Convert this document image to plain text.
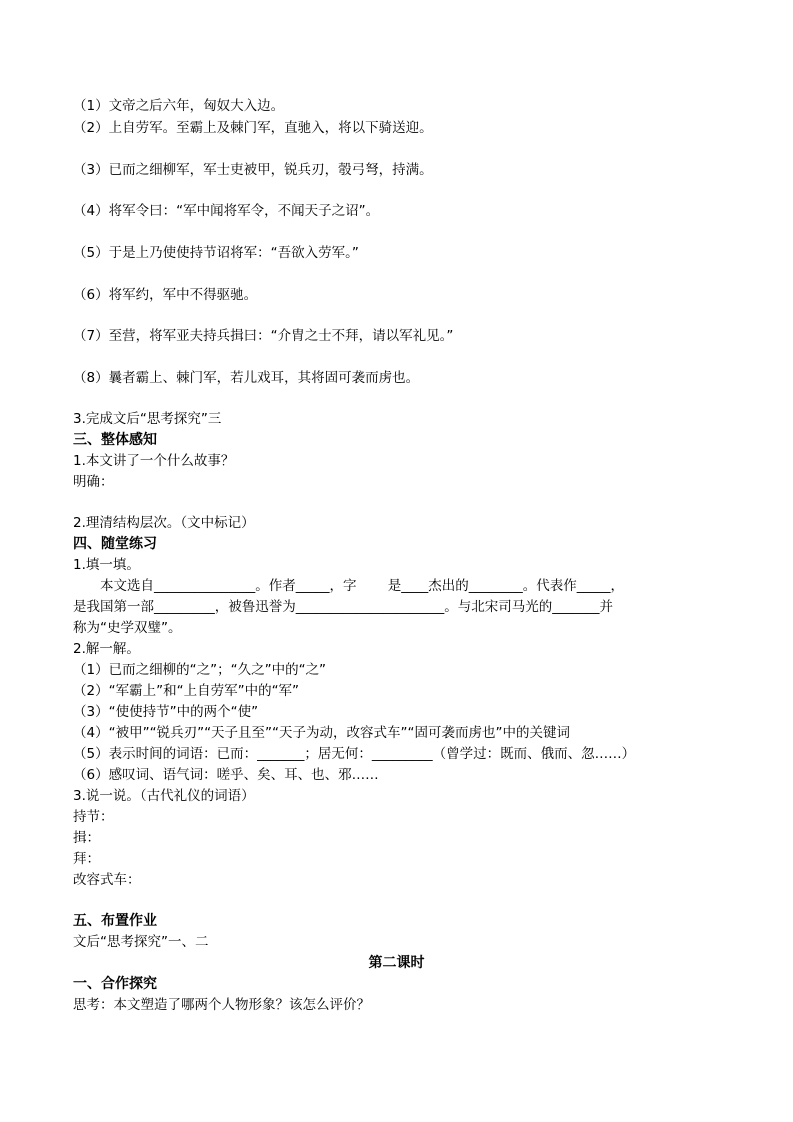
（1）文帝之后六年，匈奴大入边。

（2）上自劳军。至霸上及棘门军，直驰入，将以下骑送迎。

（3）已而之细柳军，军士吏被甲，锐兵刃，彀弓弩，持满。

（4）将军令曰：“军中闻将军令，不闻天子之诏”。

（5）于是上乃使使持节诏将军：“吾欲入劳军。”

（6）将军约，军中不得驱驰。

（7）至营，将军亚夫持兵揖曰：“介胄之士不拜，请以军礼见。”

（8）曩者霸上、棘门军，若儿戏耳，其将固可袭而虏也。

3.完成文后“思考探究”三

三、整体感知

1.本文讲了一个什么故事？

明确：

2.理清结构层次。（文中标记）

四、随堂练习

1.填一填。

本文选自_______________。作者_____，字 　　是____杰出的________。代表作_____，

是我国第一部_________，被鲁迅誉为______________________。与北宋司马光的_______并

称为“史学双璧”。

2.解一解。

（1）已而之细柳的“之”；“久之”中的“之”

（2）“军霸上”和“上自劳军”中的“军”

（3）“使使持节”中的两个“使”

（4）“被甲”“锐兵刃”“天子且至”“天子为动，改容式车”“固可袭而虏也”中的关键词

（5）表示时间的词语：已而：_______；居无何：_________（曾学过：既而、俄而、忽……）

（6）感叹词、语气词：嗟乎、矣、耳、也、邪……

3.说一说。（古代礼仪的词语）

持节：

揖：

拜：

改容式车：

五、布置作业

文后“思考探究”一、二

第二课时

一、合作探究

思考：本文塑造了哪两个人物形象？该怎么评价？
